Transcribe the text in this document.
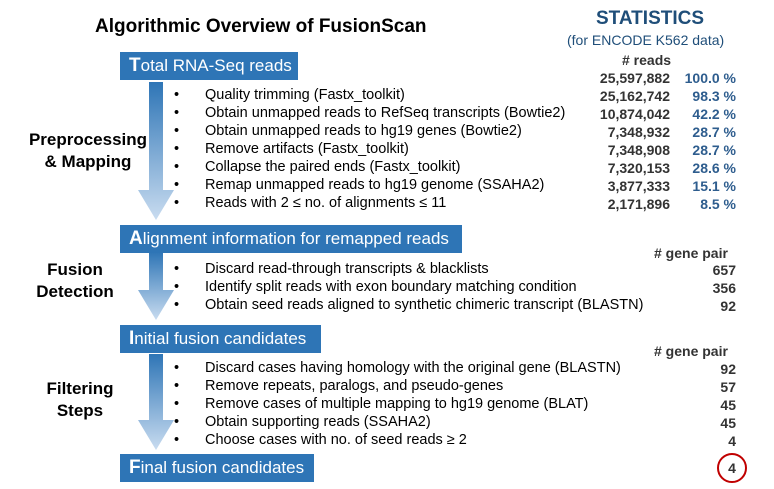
Algorithmic Overview of FusionScan	STATISTICS
(for ENCODE K562 data)
Total RNA-Seq reads
Alignment information for remapped reads
Initial fusion candidates
Final fusion candidates
Preprocessing
& Mapping
Fusion
Detection
Filtering
Steps
# reads
# gene pair
# gene pair
25,597,882 100.0 %
• Quality trimming (Fastx_toolkit)	25,162,742 98.3 %
• Obtain unmapped reads to RefSeq transcripts (Bowtie2) 10,874,042 42.2 %
• Obtain unmapped reads to hg19 genes (Bowtie2)	7,348,932 28.7 %
• Remove artifacts (Fastx_toolkit)	7,348,908 28.7 %
• Collapse the paired ends (Fastx_toolkit)	7,320,153 28.6 %
• Remap unmapped reads to hg19 genome (SSAHA2)	3,877,333 15.1 %
• Reads with 2 ≤ no. of alignments ≤ 11	2,171,896 8.5 %
• Discard read-through transcripts & blacklists	657
• Identify split reads with exon boundary matching condition	356
• Obtain seed reads aligned to synthetic chimeric transcript (BLASTN)	92
• Discard cases having homology with the original gene (BLASTN)	92
• Remove repeats, paralogs, and pseudo-genes	57
• Remove cases of multiple mapping to hg19 genome (BLAT)	45
• Obtain supporting reads (SSAHA2)	45
• Choose cases with no. of seed reads ≥ 2	4
4
